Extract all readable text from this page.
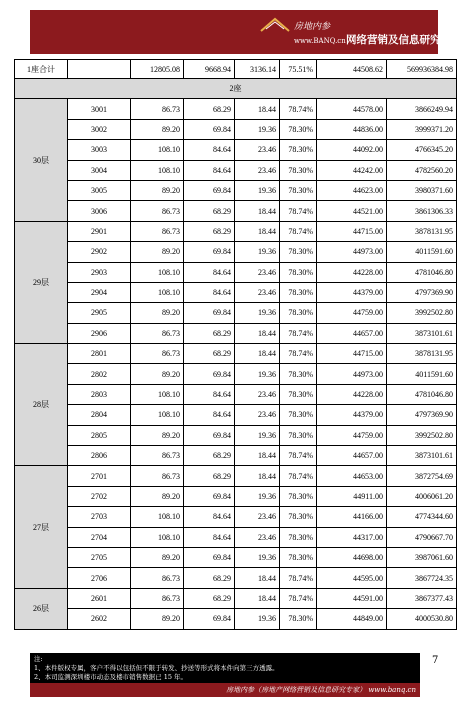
房地内参
www.BANQ.cn 网络营销及信息研究专家
1座合计		12805.08	9668.94	3136.14	75.51%	44508.62	569936384.98
2座							
30层	3001	86.73	68.29	18.44	78.74%	44578.00	3866249.94
	3002	89.20	69.84	19.36	78.30%	44836.00	3999371.20
	3003	108.10	84.64	23.46	78.30%	44092.00	4766345.20
	3004	108.10	84.64	23.46	78.30%	44242.00	4782560.20
	3005	89.20	69.84	19.36	78.30%	44623.00	3980371.60
	3006	86.73	68.29	18.44	78.74%	44521.00	3861306.33
29层	2901	86.73	68.29	18.44	78.74%	44715.00	3878131.95
	2902	89.20	69.84	19.36	78.30%	44973.00	4011591.60
	2903	108.10	84.64	23.46	78.30%	44228.00	4781046.80
	2904	108.10	84.64	23.46	78.30%	44379.00	4797369.90
	2905	89.20	69.84	19.36	78.30%	44759.00	3992502.80
	2906	86.73	68.29	18.44	78.74%	44657.00	3873101.61
28层	2801	86.73	68.29	18.44	78.74%	44715.00	3878131.95
	2802	89.20	69.84	19.36	78.30%	44973.00	4011591.60
	2803	108.10	84.64	23.46	78.30%	44228.00	4781046.80
	2804	108.10	84.64	23.46	78.30%	44379.00	4797369.90
	2805	89.20	69.84	19.36	78.30%	44759.00	3992502.80
	2806	86.73	68.29	18.44	78.74%	44657.00	3873101.61
27层	2701	86.73	68.29	18.44	78.74%	44653.00	3872754.69
	2702	89.20	69.84	19.36	78.30%	44911.00	4006061.20
	2703	108.10	84.64	23.46	78.30%	44166.00	4774344.60
	2704	108.10	84.64	23.46	78.30%	44317.00	4790667.70
	2705	89.20	69.84	19.36	78.30%	44698.00	3987061.60
	2706	86.73	68.29	18.44	78.74%	44595.00	3867724.35
26层	2601	86.73	68.29	18.44	78.74%	44591.00	3867377.43
	2602	89.20	69.84	19.36	78.30%	44849.00	4000530.80
注:
1、本件版权专属，客户不得以包括但不限于转发、抄送等形式将本件向第三方透露。
2、本司监测深圳楼市动态及楼市销售数据已 15 年。
房地内参（房地产网络营销及信息研究专家） www.banq.cn
7
